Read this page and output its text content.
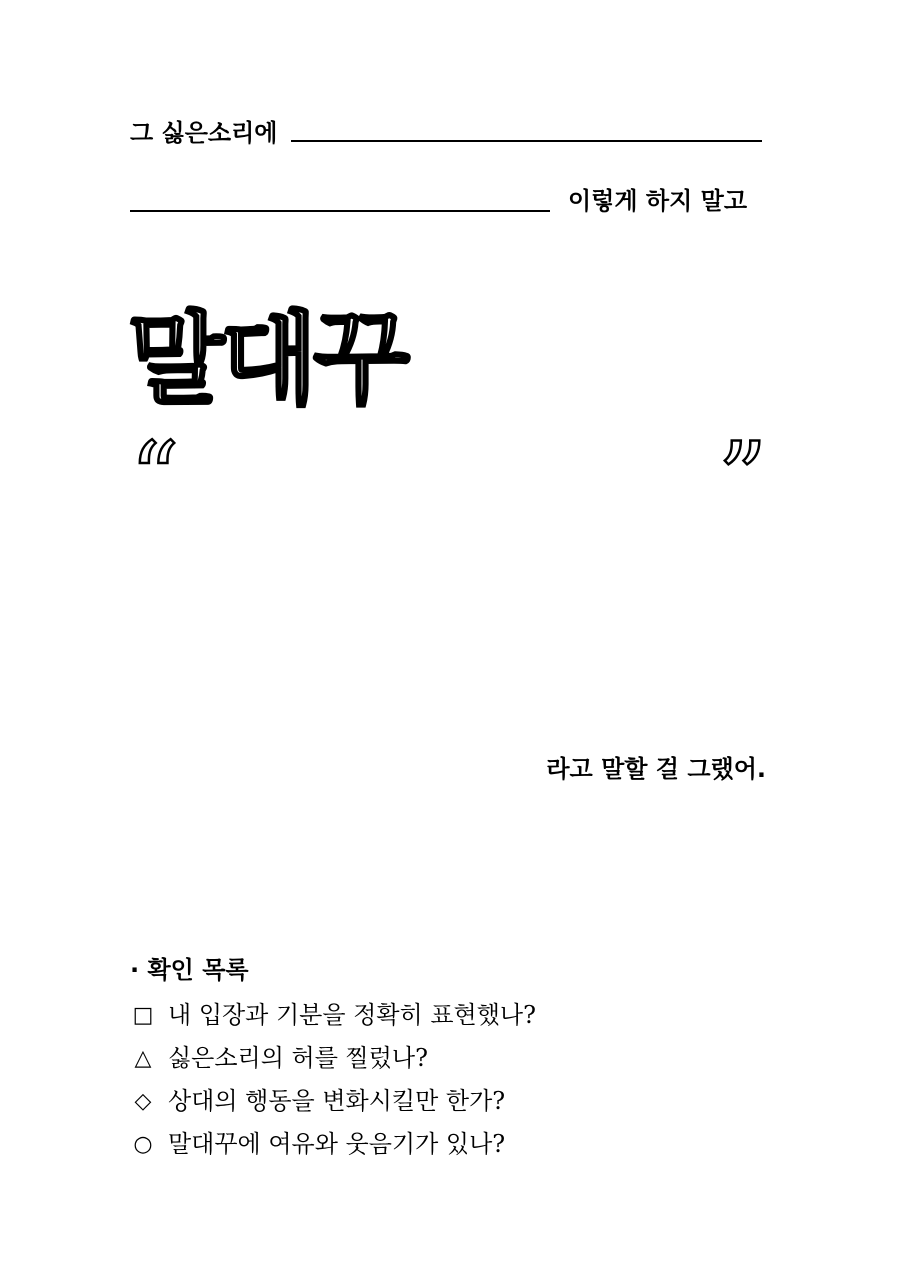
그 싫은소리에
이렇게 하지 말고
말대꾸
“	”
라고 말할 걸 그랬어.
· 확인 목록
□ 내 입장과 기분을 정확히 표현했나?
△ 싫은소리의 허를 찔렀나?
◇ 상대의 행동을 변화시킬만 한가?
○ 말대꾸에 여유와 웃음기가 있나?
